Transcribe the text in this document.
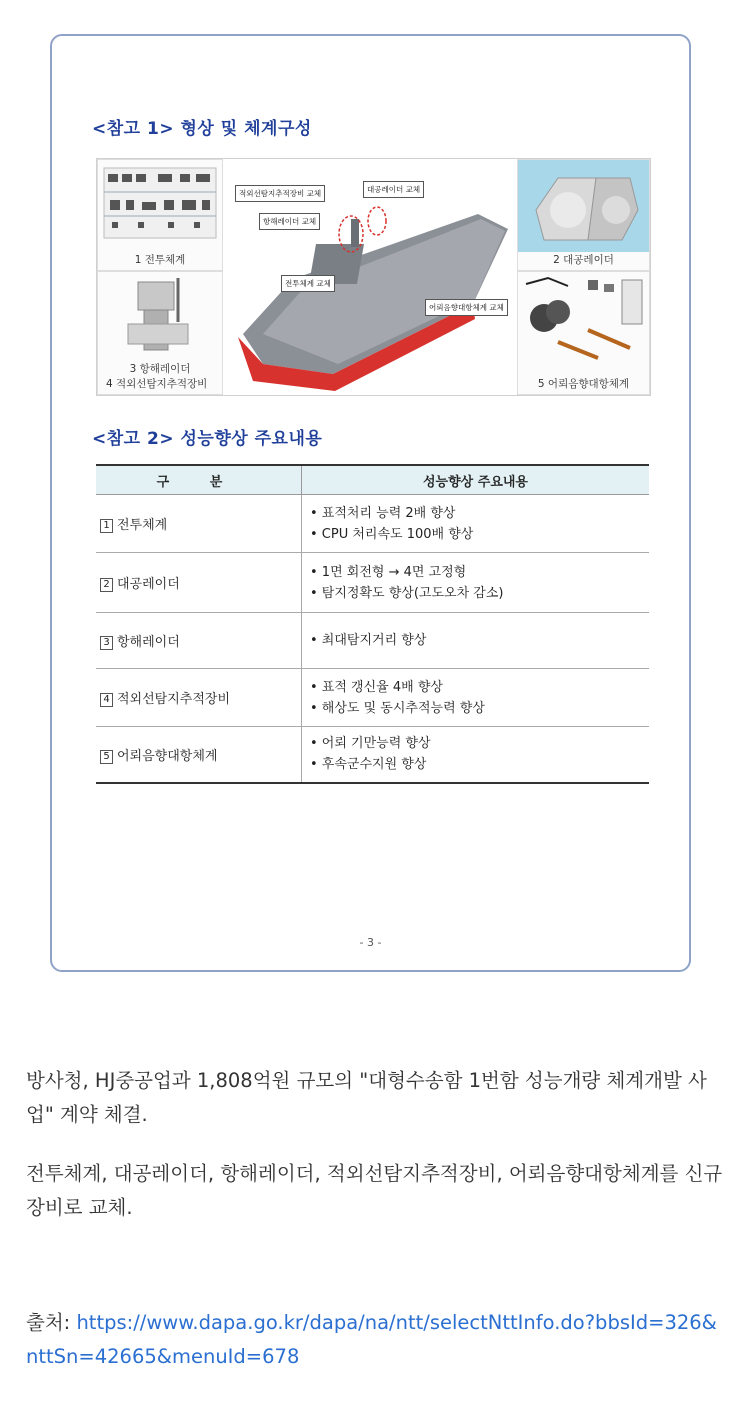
<참고 1> 형상 및 체계구성
1 전투체계
3 항해레이더
4 적외선탐지추적장비
적외선탐지추적장비 교체	대공레이더 교체
항해레이더 교체
전투체계 교체
어뢰음향대항체계 교체
2 대공레이더
5 어뢰음향대항체계
<참고 2> 성능향상 주요내용
구 분	성능향상 주요내용
1 전투체계	• 표적처리 능력 2배 향상
• CPU 처리속도 100배 향상

2 대공레이더	• 1면 회전형 → 4면 고정형
• 탐지정확도 향상(고도오차 감소)

3 항해레이더	• 최대탐지거리 향상

4 적외선탐지추적장비	• 표적 갱신율 4배 향상
• 해상도 및 동시추적능력 향상

5 어뢰음향대항체계	• 어뢰 기만능력 향상
• 후속군수지원 향상
- 3 -
방사청, HJ중공업과 1,808억원 규모의 "대형수송함 1번함 성능개량 체계개발 사업" 계약 체결.
전투체계, 대공레이더, 항해레이더, 적외선탐지추적장비, 어뢰음향대항체계를 신규장비로 교체.
출처: https://www.dapa.go.kr/dapa/na/ntt/selectNttInfo.do?bbsId=326&nttSn=42665&menuId=678
